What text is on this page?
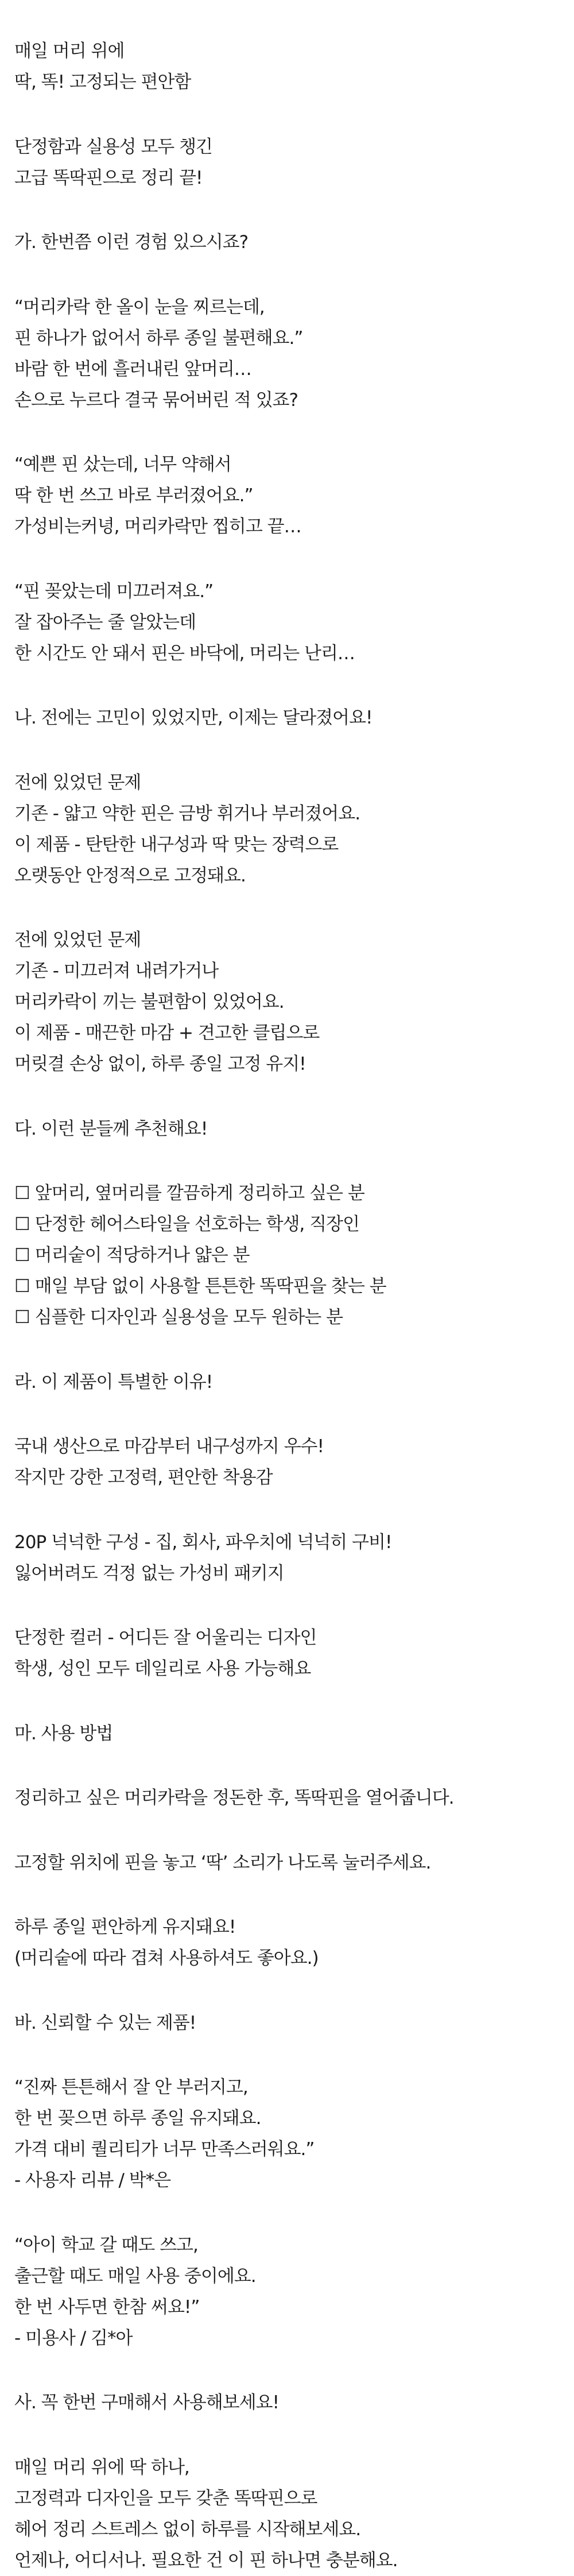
매일 머리 위에
딱, 똑! 고정되는 편안함
단정함과 실용성 모두 챙긴
고급 똑딱핀으로 정리 끝!
가. 한번쯤 이런 경험 있으시죠?
“머리카락 한 올이 눈을 찌르는데,
핀 하나가 없어서 하루 종일 불편해요.”
바람 한 번에 흘러내린 앞머리…
손으로 누르다 결국 묶어버린 적 있죠?
“예쁜 핀 샀는데, 너무 약해서
딱 한 번 쓰고 바로 부러졌어요.”
가성비는커녕, 머리카락만 찝히고 끝…
“핀 꽂았는데 미끄러져요.”
잘 잡아주는 줄 알았는데
한 시간도 안 돼서 핀은 바닥에, 머리는 난리…
나. 전에는 고민이 있었지만, 이제는 달라졌어요!
전에 있었던 문제
기존 - 얇고 약한 핀은 금방 휘거나 부러졌어요.
이 제품 - 탄탄한 내구성과 딱 맞는 장력으로
오랫동안 안정적으로 고정돼요.
전에 있었던 문제
기존 - 미끄러져 내려가거나
머리카락이 끼는 불편함이 있었어요.
이 제품 - 매끈한 마감 + 견고한 클립으로
머릿결 손상 없이, 하루 종일 고정 유지!
다. 이런 분들께 추천해요!
☐ 앞머리, 옆머리를 깔끔하게 정리하고 싶은 분
☐ 단정한 헤어스타일을 선호하는 학생, 직장인
☐ 머리숱이 적당하거나 얇은 분
☐ 매일 부담 없이 사용할 튼튼한 똑딱핀을 찾는 분
☐ 심플한 디자인과 실용성을 모두 원하는 분
라. 이 제품이 특별한 이유!
국내 생산으로 마감부터 내구성까지 우수!
작지만 강한 고정력, 편안한 착용감
20P 넉넉한 구성 - 집, 회사, 파우치에 넉넉히 구비!
잃어버려도 걱정 없는 가성비 패키지
단정한 컬러 - 어디든 잘 어울리는 디자인
학생, 성인 모두 데일리로 사용 가능해요
마. 사용 방법
정리하고 싶은 머리카락을 정돈한 후, 똑딱핀을 열어줍니다.
고정할 위치에 핀을 놓고 ‘딱’ 소리가 나도록 눌러주세요.
하루 종일 편안하게 유지돼요!
(머리숱에 따라 겹쳐 사용하셔도 좋아요.)
바. 신뢰할 수 있는 제품!
“진짜 튼튼해서 잘 안 부러지고,
한 번 꽂으면 하루 종일 유지돼요.
가격 대비 퀄리티가 너무 만족스러워요.”
- 사용자 리뷰 / 박*은
“아이 학교 갈 때도 쓰고,
출근할 때도 매일 사용 중이에요.
한 번 사두면 한참 써요!”
- 미용사 / 김*아
사. 꼭 한번 구매해서 사용해보세요!
매일 머리 위에 딱 하나,
고정력과 디자인을 모두 갖춘 똑딱핀으로
헤어 정리 스트레스 없이 하루를 시작해보세요.
언제나, 어디서나. 필요한 건 이 핀 하나면 충분해요.
